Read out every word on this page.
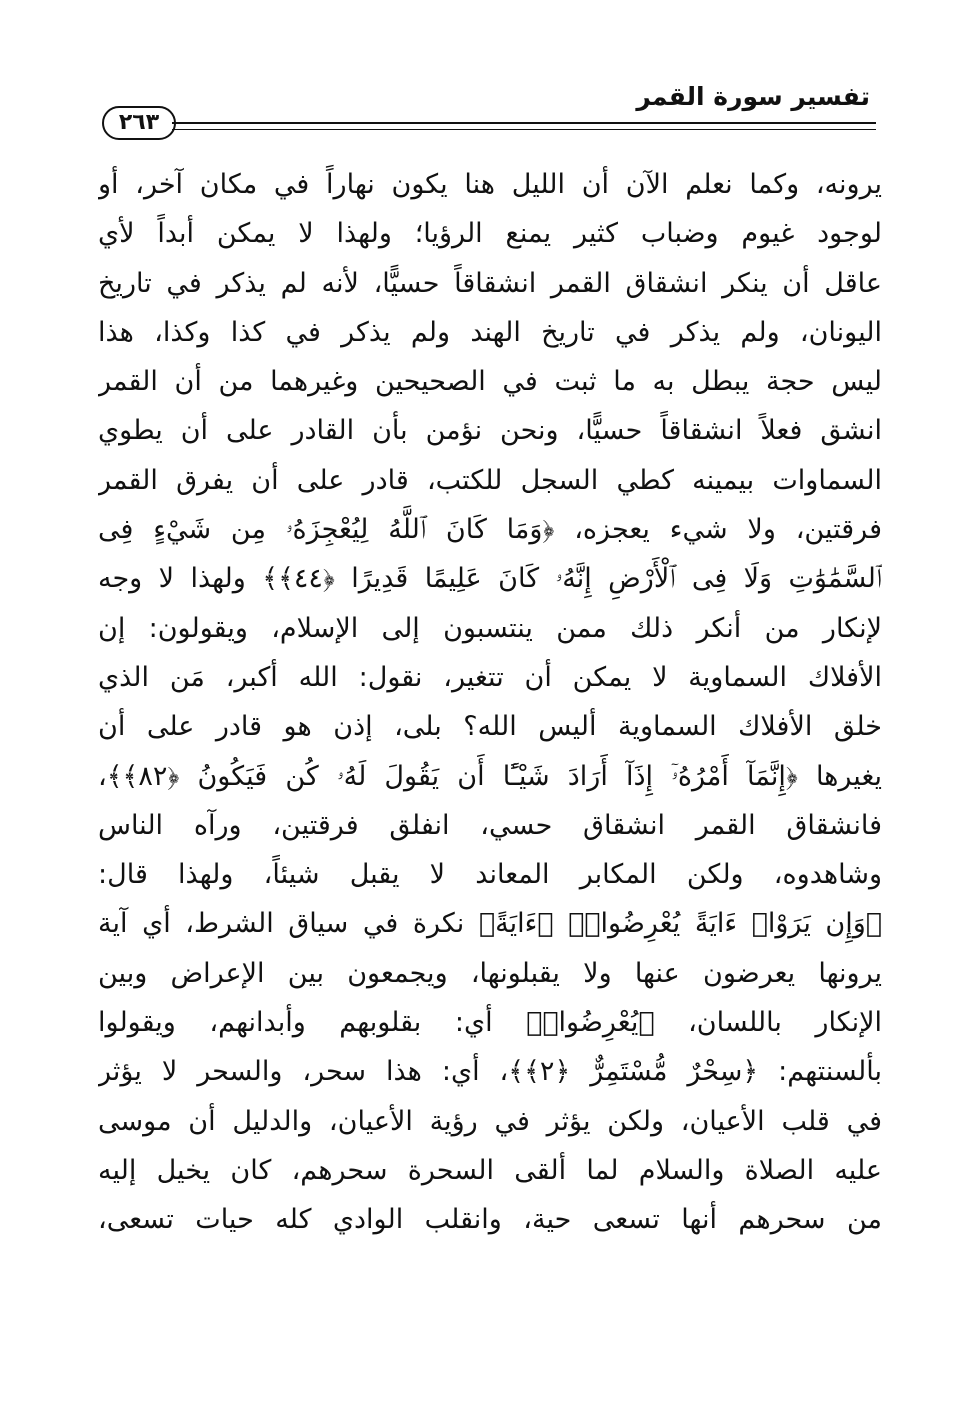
تفسير سورة القمر
٢٦٣
يرونه، وكما نعلم الآن أن الليل هنا يكون نهاراً في مكان آخر، أو
لوجود غيوم وضباب كثير يمنع الرؤيا؛ ولهذا لا يمكن أبداً لأي
عاقل أن ينكر انشقاق القمر انشقاقاً حسيًّا، لأنه لم يذكر في تاريخ
اليونان، ولم يذكر في تاريخ الهند ولم يذكر في كذا وكذا، هذا
ليس حجة يبطل به ما ثبت في الصحيحين وغيرهما من أن القمر
انشق فعلاً انشقاقاً حسيًّا، ونحن نؤمن بأن القادر على أن يطوي
السماوات بيمينه كطي السجل للكتب، قادر على أن يفرق القمر
فرقتين، ولا شيء يعجزه، ﴿وَمَا كَانَ ٱللَّهُ لِيُعْجِزَهُۥ مِن شَيْءٍ فِى
ٱلسَّمَٰوَٰتِ وَلَا فِى ٱلْأَرْضِ إِنَّهُۥ كَانَ عَلِيمًا قَدِيرًا ﴿٤٤﴾﴾ ولهذا لا وجه
لإنكار من أنكر ذلك ممن ينتسبون إلى الإسلام، ويقولون: إن
الأفلاك السماوية لا يمكن أن تتغير، نقول: الله أكبر، مَن الذي
خلق الأفلاك السماوية أليس الله؟ بلى، إذن هو قادر على أن
يغيرها ﴿إِنَّمَآ أَمْرُهُۥٓ إِذَآ أَرَادَ شَيْـًٔا أَن يَقُولَ لَهُۥ كُن فَيَكُونُ ﴿٨٢﴾﴾،
فانشقاق القمر انشقاق حسي، انفلق فرقتين، ورآه الناس
وشاهدوه، ولكن المكابر المعاند لا يقبل شيئاً، ولهذا قال:
﴿وَإِن يَرَوْا۟ ءَايَةً يُعْرِضُوا۟﴾ ﴿ءَايَةً﴾ نكرة في سياق الشرط، أي آية
يرونها يعرضون عنها ولا يقبلونها، ويجمعون بين الإعراض وبين
الإنكار باللسان، ﴿يُعْرِضُوا۟﴾ أي: بقلوبهم وأبدانهم، ويقولوا
بألسنتهم: ﴿سِحْرٌ مُّسْتَمِرٌّ ﴿٢﴾﴾، أي: هذا سحر، والسحر لا يؤثر
في قلب الأعيان، ولكن يؤثر في رؤية الأعيان، والدليل أن موسى
عليه الصلاة والسلام لما ألقى السحرة سحرهم، كان يخيل إليه
من سحرهم أنها تسعى حية، وانقلب الوادي كله حيات تسعى،
